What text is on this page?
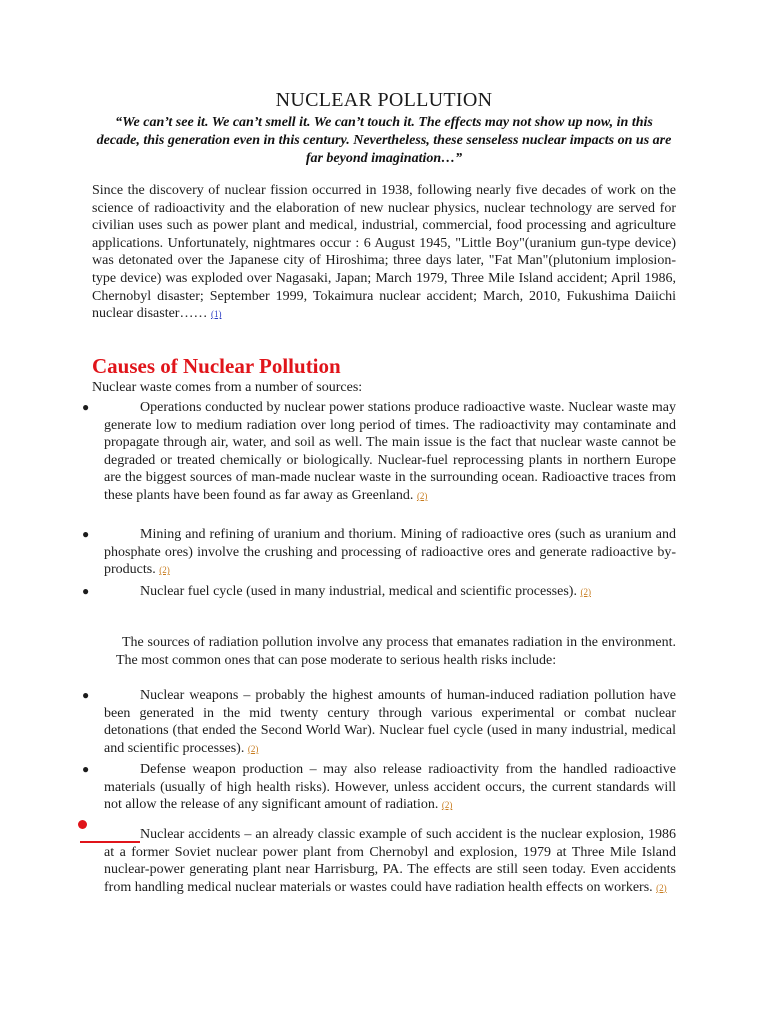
NUCLEAR POLLUTION
“We can’t see it. We can’t smell it. We can’t touch it. The effects may not show up now, in this decade, this generation even in this century. Nevertheless, these senseless nuclear impacts on us are far beyond imagination…”
Since the discovery of nuclear fission occurred in 1938, following nearly five decades of work on the science of radioactivity and the elaboration of new nuclear physics, nuclear technology are served for civilian uses such as power plant and medical, industrial, commercial, food processing and agriculture applications. Unfortunately, nightmares occur : 6 August 1945, "Little Boy"(uranium gun-type device) was detonated over the Japanese city of Hiroshima; three days later, "Fat Man"(plutonium implosion-type device) was exploded over Nagasaki, Japan; March 1979, Three Mile Island accident; April 1986, Chernobyl disaster; September 1999, Tokaimura nuclear accident; March, 2010, Fukushima Daiichi nuclear disaster…… (1)
Causes of Nuclear Pollution
Nuclear waste comes from a number of sources:
●	Operations conducted by nuclear power stations produce radioactive waste. Nuclear waste may generate low to medium radiation over long period of times. The radioactivity may contaminate and propagate through air, water, and soil as well. The main issue is the fact that nuclear waste cannot be degraded or treated chemically or biologically. Nuclear-fuel reprocessing plants in northern Europe are the biggest sources of man-made nuclear waste in the surrounding ocean. Radioactive traces from these plants have been found as far away as Greenland. (2)
●	Mining and refining of uranium and thorium. Mining of radioactive ores (such as uranium and phosphate ores) involve the crushing and processing of radioactive ores and generate radioactive by-products. (2)
●	Nuclear fuel cycle (used in many industrial, medical and scientific processes). (2)
The sources of radiation pollution involve any process that emanates radiation in the environment. The most common ones that can pose moderate to serious health risks include:
●	Nuclear weapons – probably the highest amounts of human-induced radiation pollution have been generated in the mid twenty century through various experimental or combat nuclear detonations (that ended the Second World War). Nuclear fuel cycle (used in many industrial, medical and scientific processes). (2)
●	Defense weapon production – may also release radioactivity from the handled radioactive materials (usually of high health risks). However, unless accident occurs, the current standards will not allow the release of any significant amount of radiation. (2)
Nuclear accidents – an already classic example of such accident is the nuclear explosion, 1986 at a former Soviet nuclear power plant from Chernobyl and explosion, 1979 at Three Mile Island nuclear-power generating plant near Harrisburg, PA. The effects are still seen today. Even accidents from handling medical nuclear materials or wastes could have radiation health effects on workers. (2)
